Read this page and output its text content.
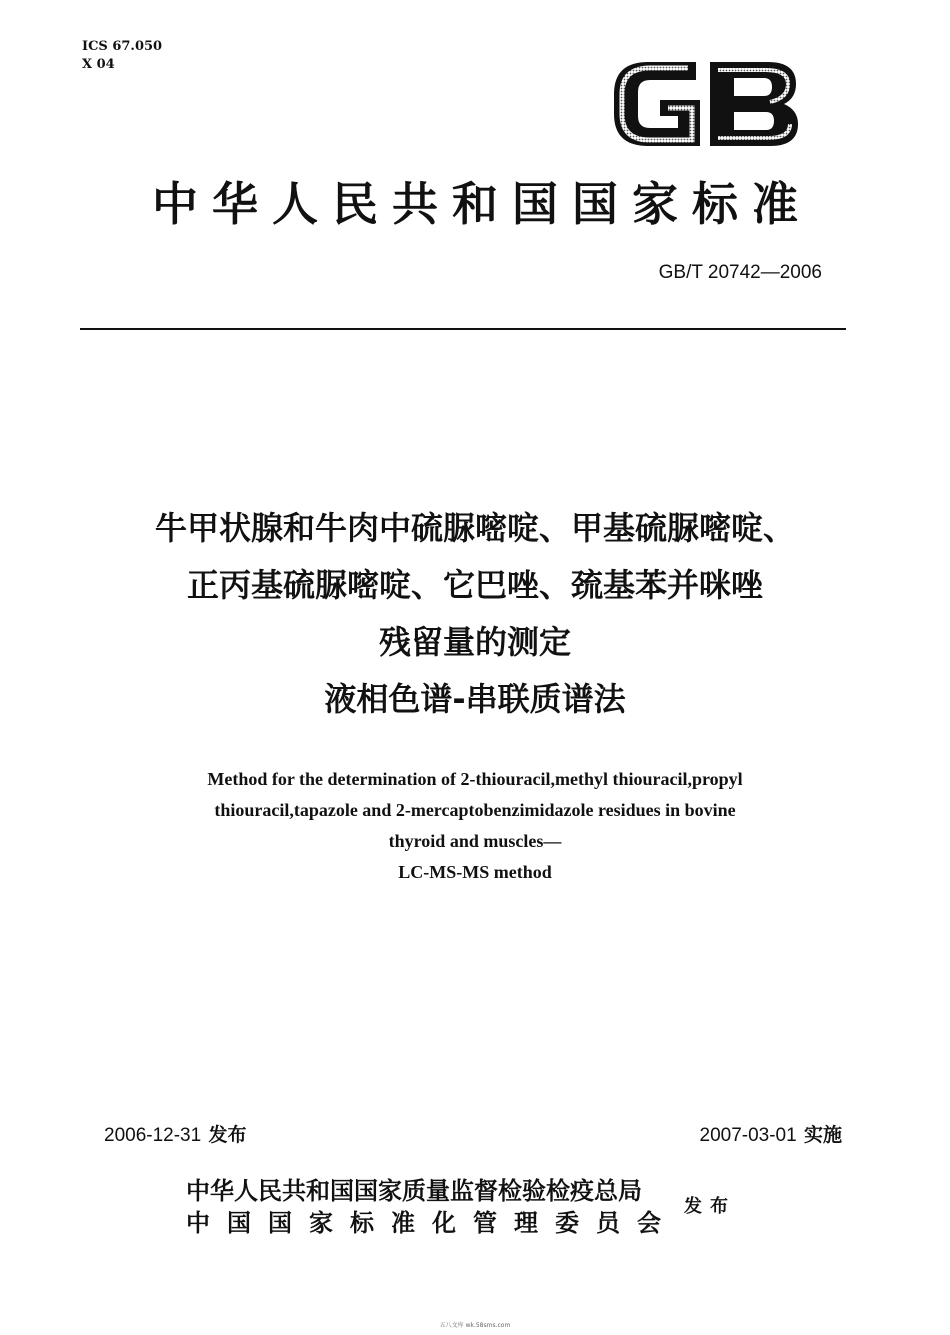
ICS 67.050
X 04
中华人民共和国国家标准
GB/T 20742—2006
牛甲状腺和牛肉中硫脲嘧啶、甲基硫脲嘧啶、
正丙基硫脲嘧啶、它巴唑、巯基苯并咪唑
残留量的测定
液相色谱-串联质谱法
Method for the determination of 2-thiouracil,methyl thiouracil,propyl
thiouracil,tapazole and 2-mercaptobenzimidazole residues in bovine
thyroid and muscles—
LC-MS-MS method
2006-12-31 发布	2007-03-01 实施
中华人民共和国国家质量监督检验检疫总局
中国国家标准化管理委员会
发布
五八文库 wk.58sms.com
